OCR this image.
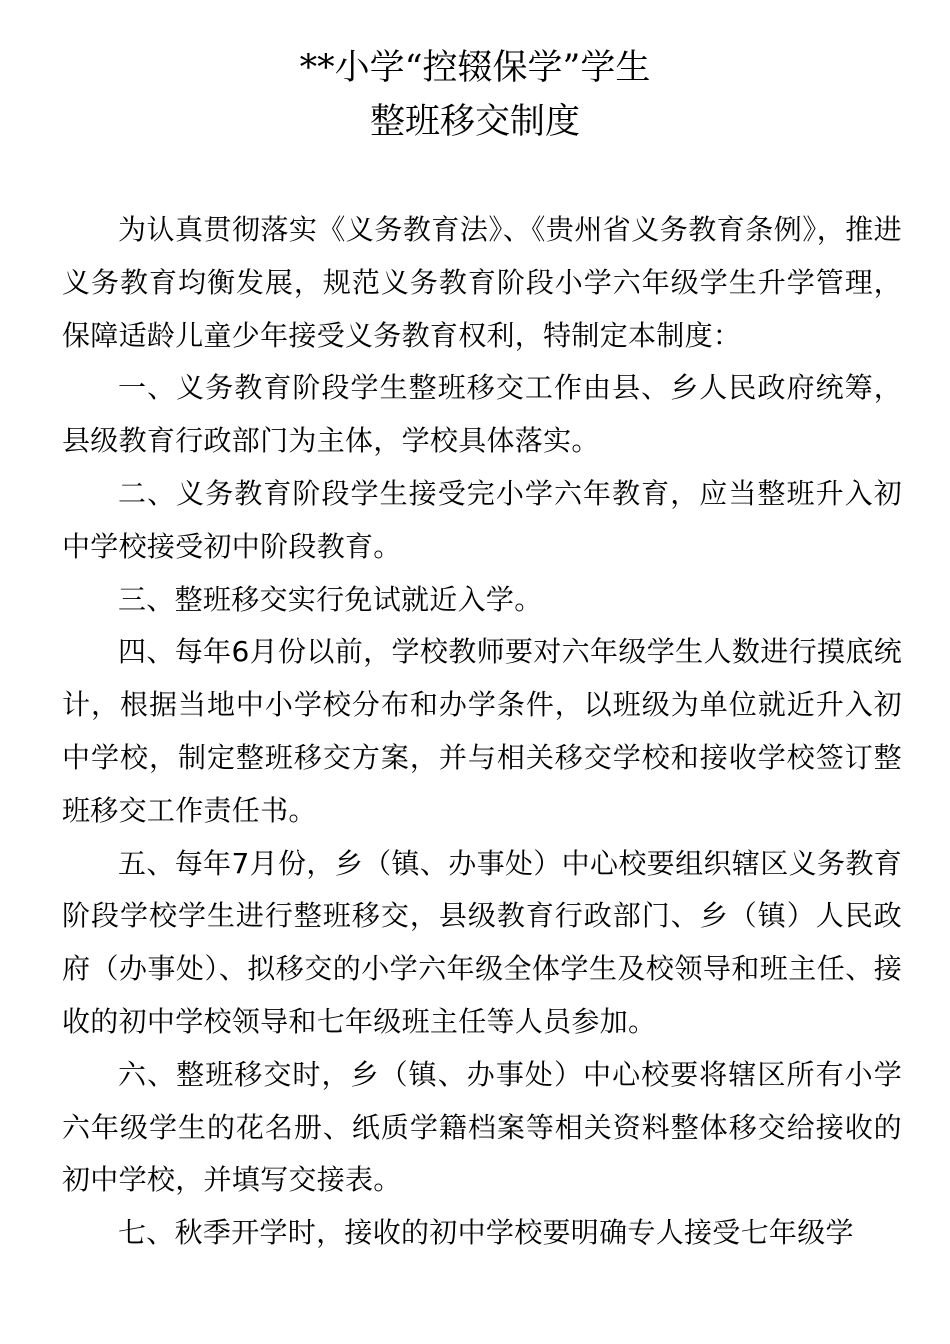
**小学“控辍保学”学生
整班移交制度

为认真贯彻落实《义务教育法》、《贵州省义务教育条例》，推进义务教育均衡发展，规范义务教育阶段小学六年级学生升学管理，保障适龄儿童少年接受义务教育权利，特制定本制度：

一、义务教育阶段学生整班移交工作由县、乡人民政府统筹，县级教育行政部门为主体，学校具体落实。

二、义务教育阶段学生接受完小学六年教育，应当整班升入初中学校接受初中阶段教育。

三、整班移交实行免试就近入学。

四、每年6月份以前，学校教师要对六年级学生人数进行摸底统计，根据当地中小学校分布和办学条件，以班级为单位就近升入初中学校，制定整班移交方案，并与相关移交学校和接收学校签订整班移交工作责任书。

五、每年7月份，乡（镇、办事处）中心校要组织辖区义务教育阶段学校学生进行整班移交，县级教育行政部门、乡（镇）人民政府（办事处）、拟移交的小学六年级全体学生及校领导和班主任、接收的初中学校领导和七年级班主任等人员参加。

六、整班移交时，乡（镇、办事处）中心校要将辖区所有小学六年级学生的花名册、纸质学籍档案等相关资料整体移交给接收的初中学校，并填写交接表。

七、秋季开学时，接收的初中学校要明确专人接受七年级学
